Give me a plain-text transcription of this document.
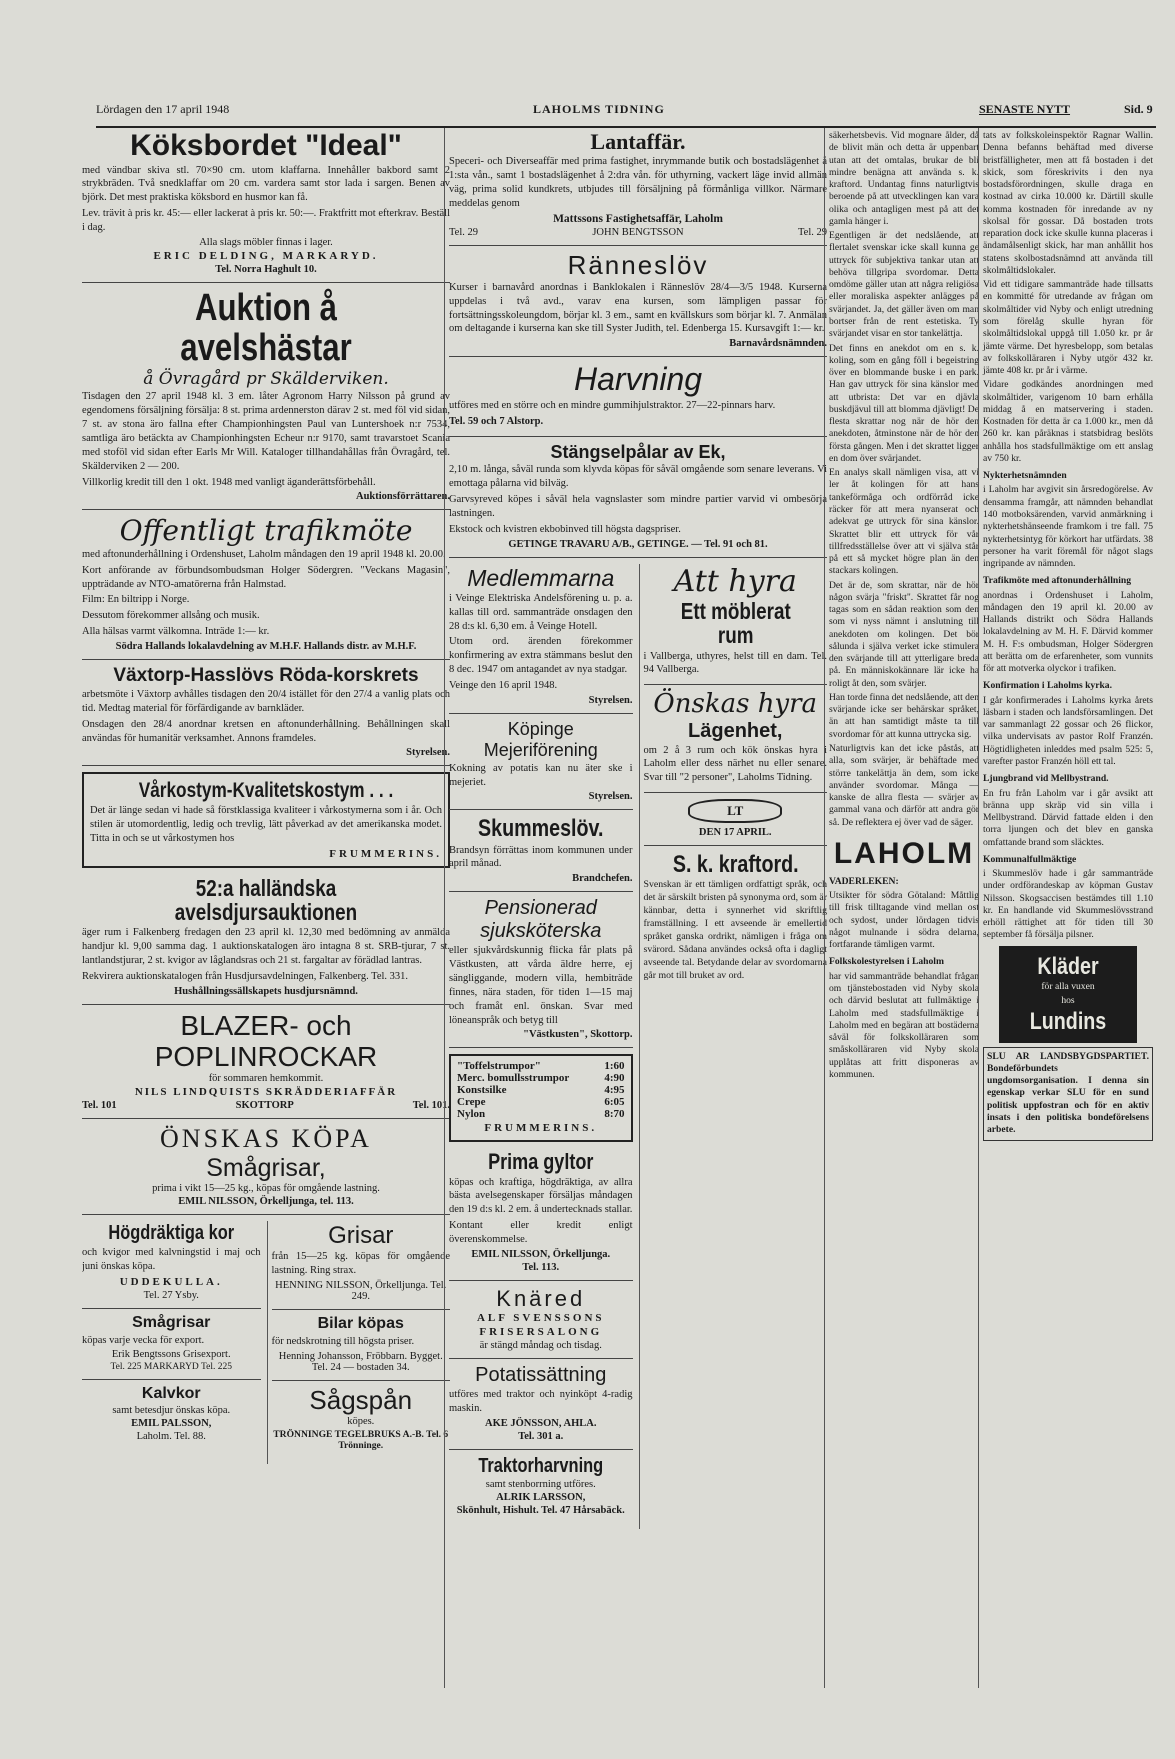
Lördagen den 17 april 1948	LAHOLMS TIDNING	SENASTE NYTT	Sid. 9
Köksbordet "Ideal"

med vändbar skiva stl. 70×90 cm. utom klaffarna. Innehåller bakbord samt 2 strykbräden. Två snedklaffar om 20 cm. vardera samt stor lada i sargen. Benen av björk. Det mest praktiska köksbord en husmor kan få.

Lev. trävit à pris kr. 45:— eller lackerat à pris kr. 50:—. Fraktfritt mot efterkrav. Beställ i dag.

Alla slags möbler finnas i lager.

ERIC DELDING, MARKARYD.

Tel. Norra Haghult 10.

Auktion å avelshästar
å Övragård pr Skälderviken.

Tisdagen den 27 april 1948 kl. 3 em. låter Agronom Harry Nilsson på grund av egendomens försäljning försälja: 8 st. prima ardennerston därav 2 st. med föl vid sidan, 7 st. av stona äro fallna efter Championhingsten Paul van Luntershoek n:r 7534, samtliga äro betäckta av Championhingsten Echeur n:r 9170, samt travarstoet Scania med stoföl vid sidan efter Earls Mr Will. Kataloger tillhandahållas från Övragård, tel. Skälderviken 2 — 200.

Villkorlig kredit till den 1 okt. 1948 med vanligt äganderättsförbehåll.

Auktionsförrättaren.

Offentligt trafikmöte

med aftonunderhållning i Ordenshuset, Laholm måndagen den 19 april 1948 kl. 20.00.

Kort anförande av förbundsombudsman Holger Södergren. "Veckans Magasin", uppträdande av NTO-amatörerna från Halmstad.

Film: En biltripp i Norge.

Dessutom förekommer allsång och musik.

Alla hälsas varmt välkomna. Inträde 1:— kr.

Södra Hallands lokalavdelning av M.H.F. Hallands distr. av M.H.F.

Växtorp-Hasslövs Röda-korskrets

arbetsmöte i Växtorp avhålles tisdagen den 20/4 istället för den 27/4 a vanlig plats och tid. Medtag material för förfärdigande av barnkläder.

Onsdagen den 28/4 anordnar kretsen en aftonunderhållning. Behållningen skall användas för humanitär verksamhet. Annons framdeles.

Styrelsen.

Vårkostym-Kvalitetskostym . . .

Det är länge sedan vi hade så förstklassiga kvaliteer i vårkostymerna som i år. Och stilen är utomordentlig, ledig och trevlig, lätt påverkad av det amerikanska modet. Titta in och se ut vårkostymen hos

FRUMMERINS.

52:a halländska avelsdjursauktionen

äger rum i Falkenberg fredagen den 23 april kl. 12,30 med bedömning av anmälda handjur kl. 9,00 samma dag. 1 auktionskatalogen äro intagna 8 st. SRB-tjurar, 7 st. lantlandstjurar, 2 st. kvigor av låglandsras och 21 st. fargaltar av förädlad lantras.

Rekvirera auktionskatalogen från Husdjursavdelningen, Falkenberg. Tel. 331.

Hushållningssällskapets husdjursnämnd.

BLAZER- och
POPLINROCKAR

för sommaren hemkommit.

NILS LINDQUISTS SKRÄDDERIAFFÄR

Tel. 101	SKOTTORP	Tel. 101.
ÖNSKAS KÖPA
Smågrisar,

prima i vikt 15—25 kg., köpas för omgående lastning.

EMIL NILSSON, Örkelljunga, tel. 113.

Högdräktiga kor

och kvigor med kalvningstid i maj och juni önskas köpa.

UDDEKULLA.

Tel. 27 Ysby.

Smågrisar

köpas varje vecka för export.

Erik Bengtssons Grisexport.

Tel. 225 MARKARYD Tel. 225

Kalvkor

samt betesdjur önskas köpa.

EMIL PALSSON,

Laholm. Tel. 88.

Grisar

från 15—25 kg. köpas för omgående lastning. Ring strax.

HENNING NILSSON, Örkelljunga. Tel. 249.

Bilar köpas

för nedskrotning till högsta priser.

Henning Johansson, Fröbbarn. Bygget. Tel. 24 — bostaden 34.

Sågspån

köpes.

TRÖNNINGE TEGELBRUKS A.-B. Tel. 6 Trönninge.

Lantaffär.

Speceri- och Diverseaffär med prima fastighet, inrymmande butik och bostadslägenhet å 1:sta vån., samt 1 bostadslägenhet å 2:dra vån. för uthyrning, vackert läge invid allmän väg, prima solid kundkrets, utbjudes till försäljning på förmånliga villkor. Närmare meddelas genom

Mattssons Fastighetsaffär, Laholm

Tel. 29	JOHN BENGTSSON	Tel. 29
Ränneslöv

Kurser i barnavård anordnas i Banklokalen i Ränneslöv 28/4—3/5 1948. Kurserna uppdelas i två avd., varav ena kursen, som lämpligen passar för fortsättningsskoleungdom, börjar kl. 3 em., samt en kvällskurs som börjar kl. 7. Anmälan om deltagande i kurserna kan ske till Syster Judith, tel. Edenberga 15. Kursavgift 1:— kr.

Barnavårdsnämnden.

Harvning

utföres med en större och en mindre gummihjulstraktor. 27—22-pinnars harv.

Tel. 59 och 7 Alstorp.

Stängselpålar av Ek,

2,10 m. långa, såväl runda som klyvda köpas för såväl omgående som senare leverans. Vi emottaga pålarna vid bilväg.

Garvsyreved köpes i såväl hela vagnslaster som mindre partier varvid vi ombesörja lastningen.

Ekstock och kvistren ekbobinved till högsta dagspriser.

GETINGE TRAVARU A/B., GETINGE. — Tel. 91 och 81.

Medlemmarna

i Veinge Elektriska Andelsförening u. p. a. kallas till ord. sammanträde onsdagen den 28 d:s kl. 6,30 em. å Veinge Hotell.

Utom ord. ärenden förekommer konfirmering av extra stämmans beslut den 8 dec. 1947 om antagandet av nya stadgar.

Veinge den 16 april 1948.

Styrelsen.

Köpinge
Mejeriförening

Kokning av potatis kan nu äter ske i mejeriet.

Styrelsen.

Skummeslöv.

Brandsyn förrättas inom kommunen under april månad.

Brandchefen.

Pensionerad
sjuksköterska

eller sjukvårdskunnig flicka får plats på Västkusten, att vårda äldre herre, ej sängliggande, modern villa, hembiträde finnes, nära staden, för tiden 1—15 maj och framåt enl. önskan. Svar med löneanspråk och betyg till

"Västkusten", Skottorp.

"Toffelstrumpor"	1:60
Merc. bomullsstrumpor	4:90
Konstsilke	4:95
Crepe	6:05
Nylon	8:70

FRUMMERINS.

Prima gyltor

köpas och kraftiga, högdräktiga, av allra bästa avelsegenskaper försäljas måndagen den 19 d:s kl. 2 em. å undertecknads stallar.

Kontant eller kredit enligt överenskommelse.

EMIL NILSSON, Örkelljunga.

Tel. 113.

Knäred

ALF SVENSSONS

FRISERSALONG

är stängd måndag och tisdag.

Potatissättning

utföres med traktor och nyinköpt 4-radig maskin.

AKE JÖNSSON, AHLA.

Tel. 301 a.

Traktorharvning

samt stenborrning utföres.

ALRIK LARSSON,

Skönhult, Hishult. Tel. 47 Hårsabäck.

Att hyra
Ett möblerat rum

i Vallberga, uthyres, helst till en dam. Tel. 94 Vallberga.

Önskas hyra
Lägenhet,

om 2 å 3 rum och kök önskas hyra i Laholm eller dess närhet nu eller senare. Svar till "2 personer", Laholms Tidning.

LT

DEN 17 APRIL.

S. k. kraftord.

Svenskan är ett tämligen ordfattigt språk, och det är särskilt bristen på synonyma ord, som är kännbar, detta i synnerhet vid skriftlig framställning. I ett avseende är emellertid språket ganska ordrikt, nämligen i fråga om svärord. Sådana användes också ofta i dagligt avseende tal. Betydande delar av svordomarna går mot till bruket av ord.

säkerhetsbevis. Vid mognare ålder, då de blivit män och detta är uppenbart utan att det omtalas, brukar de bli mindre benägna att använda s. k. kraftord. Undantag finns naturligtvis beroende på att utvecklingen kan vara olika och antagligen mest på att det gamla hänger i.

Egentligen är det nedslående, att flertalet svenskar icke skall kunna ge uttryck för subjektiva tankar utan att behöva tillgripa svordomar. Detta omdöme gäller utan att några religiösa eller moraliska aspekter anlägges på svärjandet. Ja, det gäller även om man bortser från de rent estetiska. Ty svärjandet visar en stor tankelättja.

Det finns en anekdot om en s. k. koling, som en gång föll i begeistring över en blommande buske i en park. Han gav uttryck för sina känslor med att utbrista: Det var en djävla buskdjävul till att blomma djävligt! De flesta skrattar nog när de hör den anekdoten, åtminstone när de hör den första gången. Men i det skrattet ligger en dom över svärjandet.

En analys skall nämligen visa, att vi ler åt kolingen för att hans tankeförmåga och ordförråd icke räcker för att mera nyanserat och adekvat ge uttryck för sina känslor. Skrattet blir ett uttryck för vår tillfredsställelse över att vi själva står på ett så mycket högre plan än den stackars kolingen.

Det är de, som skrattar, när de hör någon svärja "friskt". Skrattet får nog tagas som en sådan reaktion som den som vi nyss nämnt i anslutning till anekdoten om kolingen. Det bör sålunda i själva verket icke stimulera den svärjande till att ytterligare breda på. En människokännare lär icke ha roligt åt den, som svärjer.

Han torde finna det nedslående, att den svärjande icke ser behärskar språket, än att han samtidigt måste ta till svordomar för att kunna uttrycka sig.

Naturligtvis kan det icke påstås, att alla, som svärjer, är behäftade med större tankelättja än dem, som icke använder svordomar. Många — kanske de allra flesta — svärjer av gammal vana och därför att andra gör så. De reflektera ej över vad de säger.

LAHOLM

VADERLEKEN:

Utsikter för södra Götaland: Måttlig till frisk tilltagande vind mellan ost och sydost, under lördagen tidvis något mulnande i södra delarna, fortfarande tämligen varmt.

Folkskolestyrelsen i Laholm

har vid sammanträde behandlat frågan om tjänstebostaden vid Nyby skola och därvid beslutat att fullmäktige i Laholm med stadsfullmäktige i Laholm med en begäran att bostäderna såväl för folkskolläraren som småskolläraren vid Nyby skola upplåtas att fritt disponeras av kommunen.

tats av folkskoleinspektör Ragnar Wallin. Denna befanns behäftad med diverse bristfälligheter, men att få bostaden i det skick, som föreskrivits i den nya bostadsförordningen, skulle draga en kostnad av cirka 10.000 kr. Därtill skulle komma kostnaden för inredande av ny skolsal för gossar. Då bostaden trots reparation dock icke skulle kunna placeras i ändamålsenligt skick, har man anhållit hos statens skolbostadsnämnd att använda till skolmåltidslokaler.

Vid ett tidigare sammanträde hade tillsatts en kommitté för utredande av frågan om skolmåltider vid Nyby och enligt utredning som förelåg skulle hyran för skolmåltidslokal uppgå till 1.050 kr. pr år jämte värme. Det hyresbelopp, som betalas av folkskolläraren i Nyby utgör 432 kr. jämte 408 kr. pr år i värme.

Vidare godkändes anordningen med skolmåltider, varigenom 10 barn erhålla middag å en matservering i staden. Kostnaden för detta är ca 1.000 kr., men då 260 kr. kan påräknas i statsbidrag beslöts anhålla hos stadsfullmäktige om ett anslag av 750 kr.

Nykterhetsnämnden

i Laholm har avgivit sin årsredogörelse. Av densamma framgår, att nämnden behandlat 140 motboksärenden, varvid anmärkning i nykterhetshänseende framkom i tre fall. 75 nykterhetsintyg för körkort har utfärdats. 38 personer ha varit föremål för något slags ingripande av nämnden.

Trafikmöte med aftonunderhållning

anordnas i Ordenshuset i Laholm, måndagen den 19 april kl. 20.00 av Hallands distrikt och Södra Hallands lokalavdelning av M. H. F. Därvid kommer M. H. F:s ombudsman, Holger Södergren att berätta om de erfarenheter, som vunnits för att motverka olyckor i trafiken.

Konfirmation i Laholms kyrka.

I går konfirmerades i Laholms kyrka årets läsbarn i staden och landsförsamlingen. Det var sammanlagt 22 gossar och 26 flickor, vilka undervisats av pastor Rolf Franzén. Högtidligheten inleddes med psalm 525: 5, varefter pastor Franzén höll ett tal.

Ljungbrand vid Mellbystrand.

En fru från Laholm var i går avsikt att bränna upp skräp vid sin villa i Mellbystrand. Därvid fattade elden i den torra ljungen och det blev en ganska omfattande brand som släcktes.

Kommunalfullmäktige

i Skummeslöv hade i går sammanträde under ordförandeskap av köpman Gustav Nilsson. Skogsaccisen bestämdes till 1.10 kr. En handlande vid Skummeslövsstrand erhöll rättighet att för tiden till 30 september få försälja pilsner.

Kläder

för alla vuxen

hos

Lundins

SLU AR LANDSBYGDSPARTIET. Bondeförbundets ungdomsorganisation. I denna sin egenskap verkar SLU för en sund politisk uppfostran och för en aktiv insats i den politiska bondeförelsens arbete.
